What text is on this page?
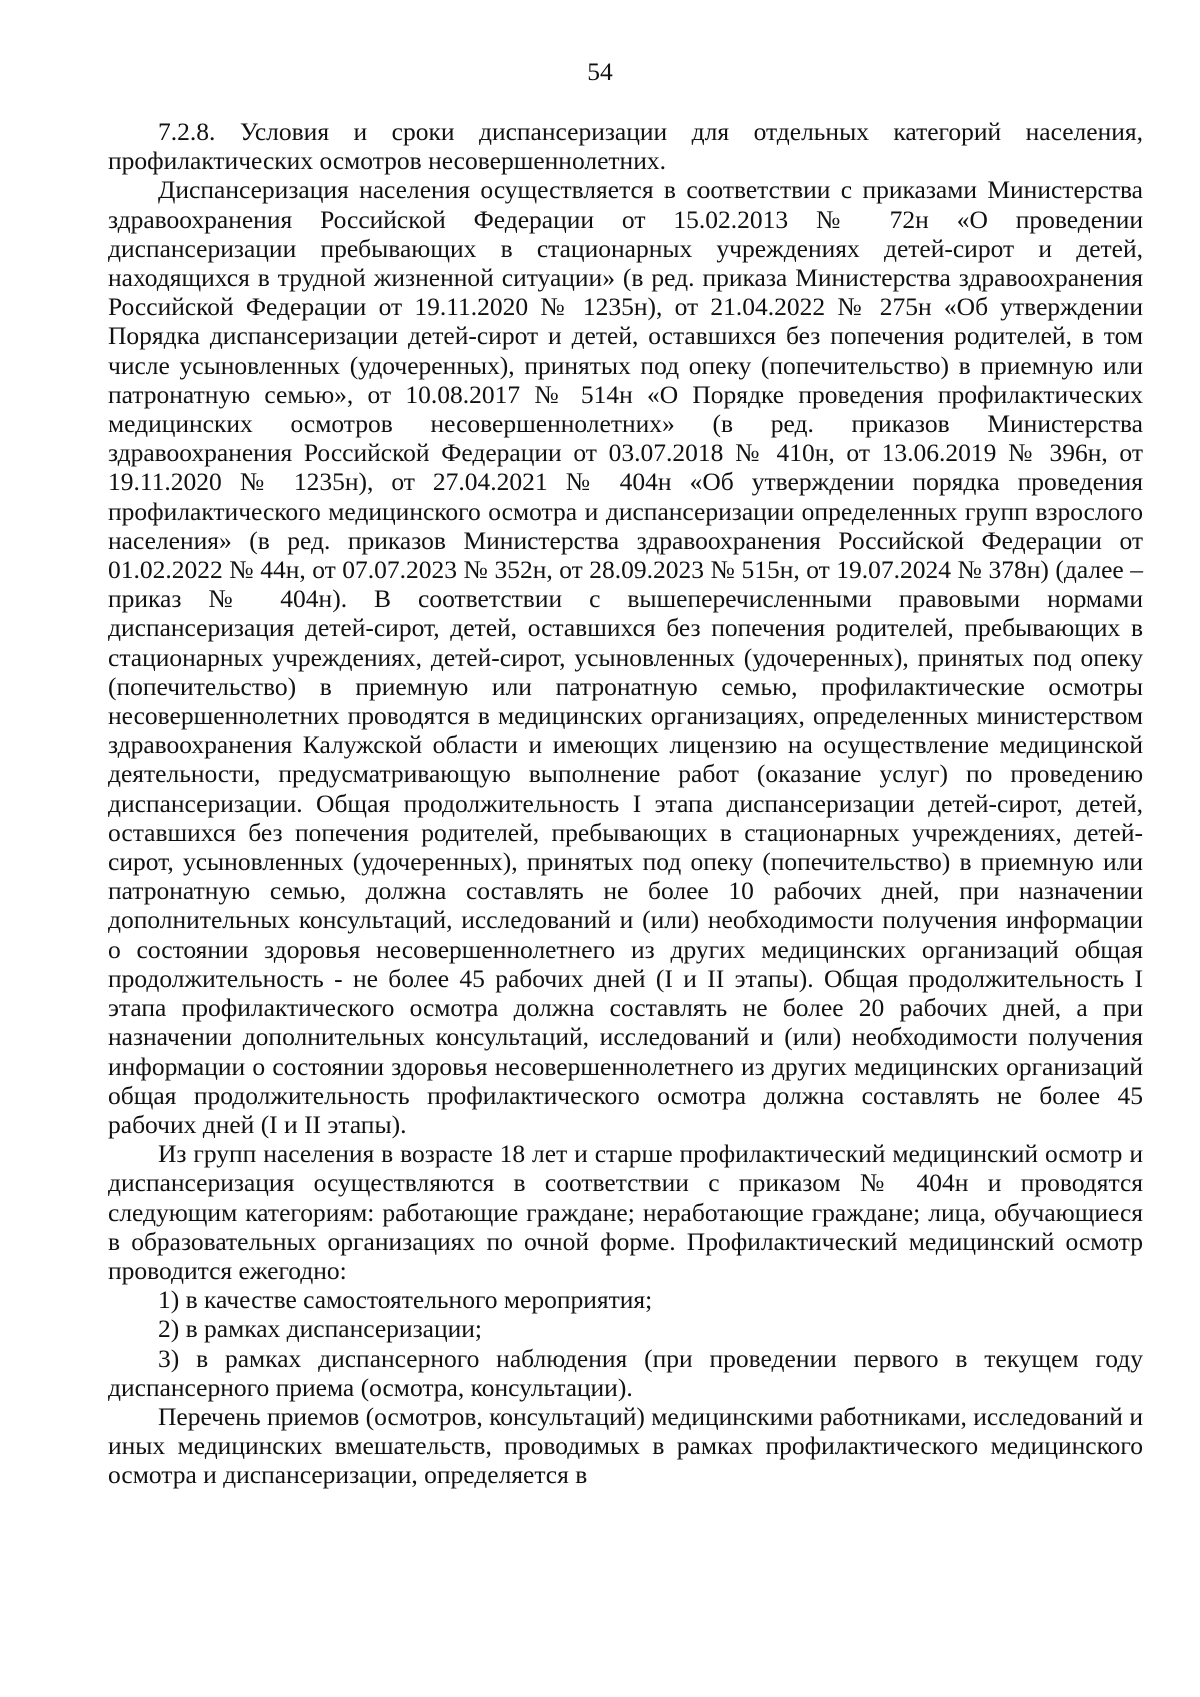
54

7.2.8. Условия и сроки диспансеризации для отдельных категорий населения, профилактических осмотров несовершеннолетних.

Диспансеризация населения осуществляется в соответствии с приказами Министерства здравоохранения Российской Федерации от 15.02.2013 № 72н «О проведении диспансеризации пребывающих в стационарных учреждениях детей-сирот и детей, находящихся в трудной жизненной ситуации» (в ред. приказа Министерства здравоохранения Российской Федерации от 19.11.2020 № 1235н), от 21.04.2022 № 275н «Об утверждении Порядка диспансеризации детей-сирот и детей, оставшихся без попечения родителей, в том числе усыновленных (удочеренных), принятых под опеку (попечительство) в приемную или патронатную семью», от 10.08.2017 № 514н «О Порядке проведения профилактических медицинских осмотров несовершеннолетних» (в ред. приказов Министерства здравоохранения Российской Федерации от 03.07.2018 № 410н, от 13.06.2019 № 396н, от 19.11.2020 № 1235н), от 27.04.2021 № 404н «Об утверждении порядка проведения профилактического медицинского осмотра и диспансеризации определенных групп взрослого населения» (в ред. приказов Министерства здравоохранения Российской Федерации от 01.02.2022 № 44н, от 07.07.2023 № 352н, от 28.09.2023 № 515н, от 19.07.2024 № 378н) (далее – приказ № 404н). В соответствии с вышеперечисленными правовыми нормами диспансеризация детей-сирот, детей, оставшихся без попечения родителей, пребывающих в стационарных учреждениях, детей-сирот, усыновленных (удочеренных), принятых под опеку (попечительство) в приемную или патронатную семью, профилактические осмотры несовершеннолетних проводятся в медицинских организациях, определенных министерством здравоохранения Калужской области и имеющих лицензию на осуществление медицинской деятельности, предусматривающую выполнение работ (оказание услуг) по проведению диспансеризации. Общая продолжительность I этапа диспансеризации детей-сирот, детей, оставшихся без попечения родителей, пребывающих в стационарных учреждениях, детей-сирот, усыновленных (удочеренных), принятых под опеку (попечительство) в приемную или патронатную семью, должна составлять не более 10 рабочих дней, при назначении дополнительных консультаций, исследований и (или) необходимости получения информации о состоянии здоровья несовершеннолетнего из других медицинских организаций общая продолжительность - не более 45 рабочих дней (I и II этапы). Общая продолжительность I этапа профилактического осмотра должна составлять не более 20 рабочих дней, а при назначении дополнительных консультаций, исследований и (или) необходимости получения информации о состоянии здоровья несовершеннолетнего из других медицинских организаций общая продолжительность профилактического осмотра должна составлять не более 45 рабочих дней (I и II этапы).

Из групп населения в возрасте 18 лет и старше профилактический медицинский осмотр и диспансеризация осуществляются в соответствии с приказом № 404н и проводятся следующим категориям: работающие граждане; неработающие граждане; лица, обучающиеся в образовательных организациях по очной форме. Профилактический медицинский осмотр проводится ежегодно:

1) в качестве самостоятельного мероприятия;

2) в рамках диспансеризации;

3) в рамках диспансерного наблюдения (при проведении первого в текущем году диспансерного приема (осмотра, консультации).

Перечень приемов (осмотров, консультаций) медицинскими работниками, исследований и иных медицинских вмешательств, проводимых в рамках профилактического медицинского осмотра и диспансеризации, определяется в
